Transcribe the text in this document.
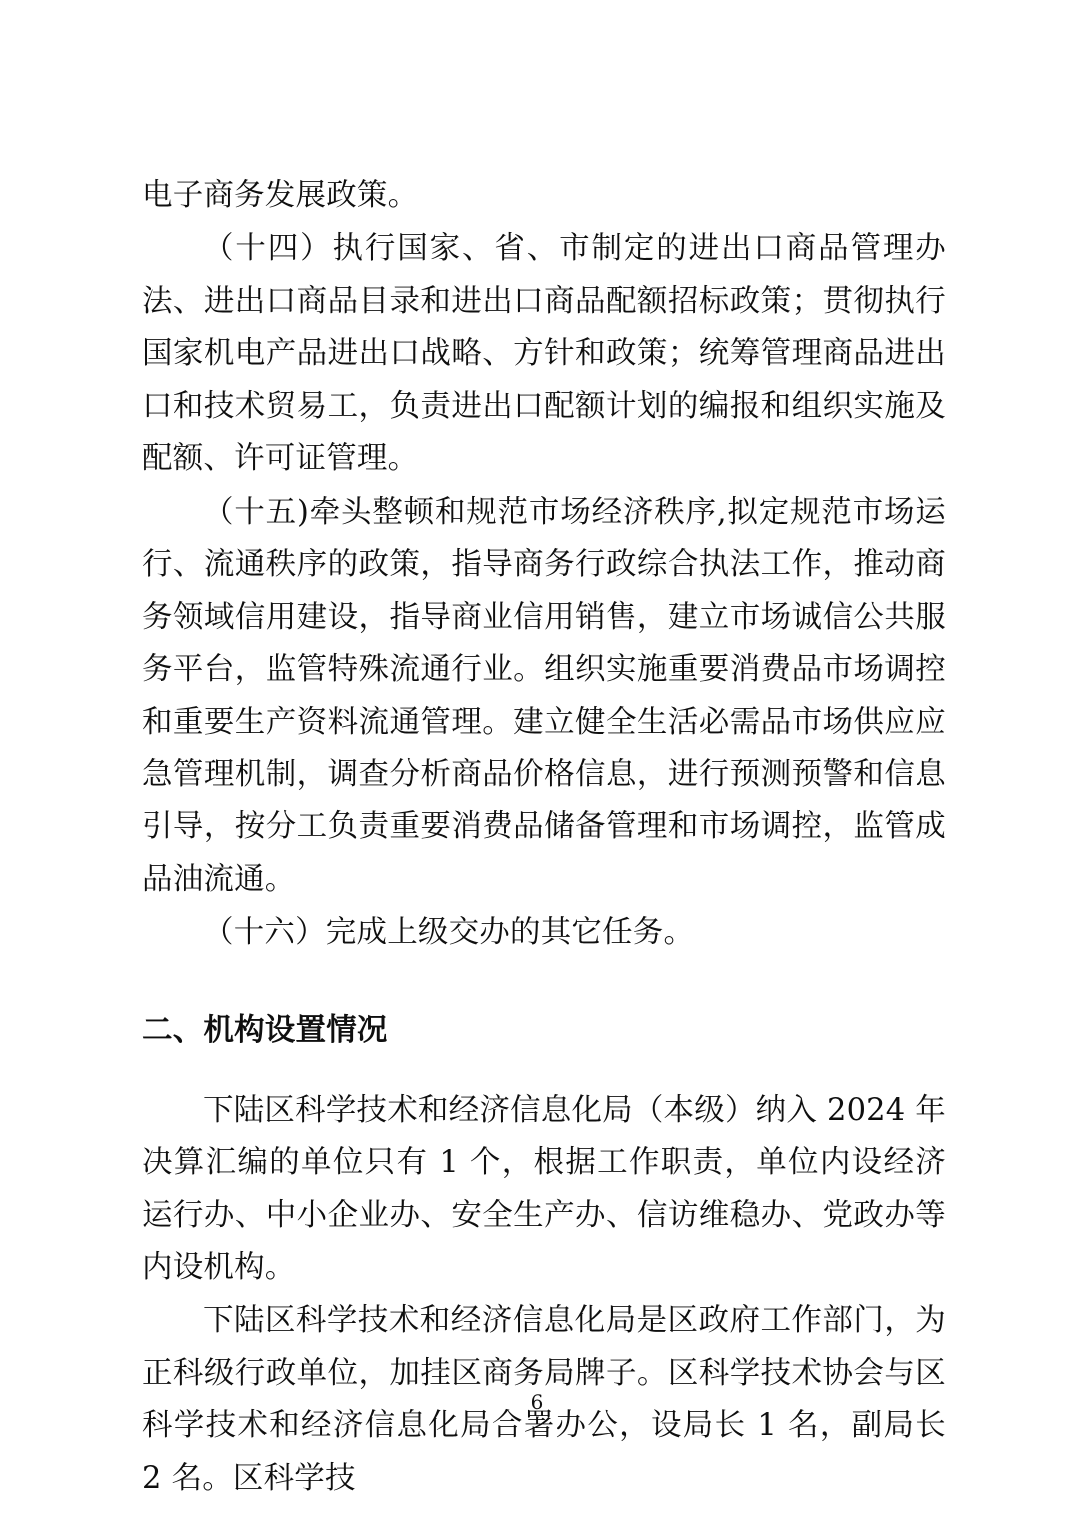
电子商务发展政策。

（十四）执行国家、省、市制定的进出口商品管理办法、进出口商品目录和进出口商品配额招标政策；贯彻执行国家机电产品进出口战略、方针和政策；统筹管理商品进出口和技术贸易工，负责进出口配额计划的编报和组织实施及配额、许可证管理。

（十五)牵头整顿和规范市场经济秩序,拟定规范市场运行、流通秩序的政策，指导商务行政综合执法工作，推动商务领域信用建设，指导商业信用销售，建立市场诚信公共服务平台，监管特殊流通行业。组织实施重要消费品市场调控和重要生产资料流通管理。建立健全生活必需品市场供应应急管理机制，调查分析商品价格信息，进行预测预警和信息引导，按分工负责重要消费品储备管理和市场调控，监管成品油流通。

（十六）完成上级交办的其它任务。

二、机构设置情况

下陆区科学技术和经济信息化局（本级）纳入 2024 年决算汇编的单位只有 1 个，根据工作职责，单位内设经济运行办、中小企业办、安全生产办、信访维稳办、党政办等内设机构。

下陆区科学技术和经济信息化局是区政府工作部门，为正科级行政单位，加挂区商务局牌子。区科学技术协会与区科学技术和经济信息化局合署办公，设局长 1 名，副局长 2 名。区科学技

6
